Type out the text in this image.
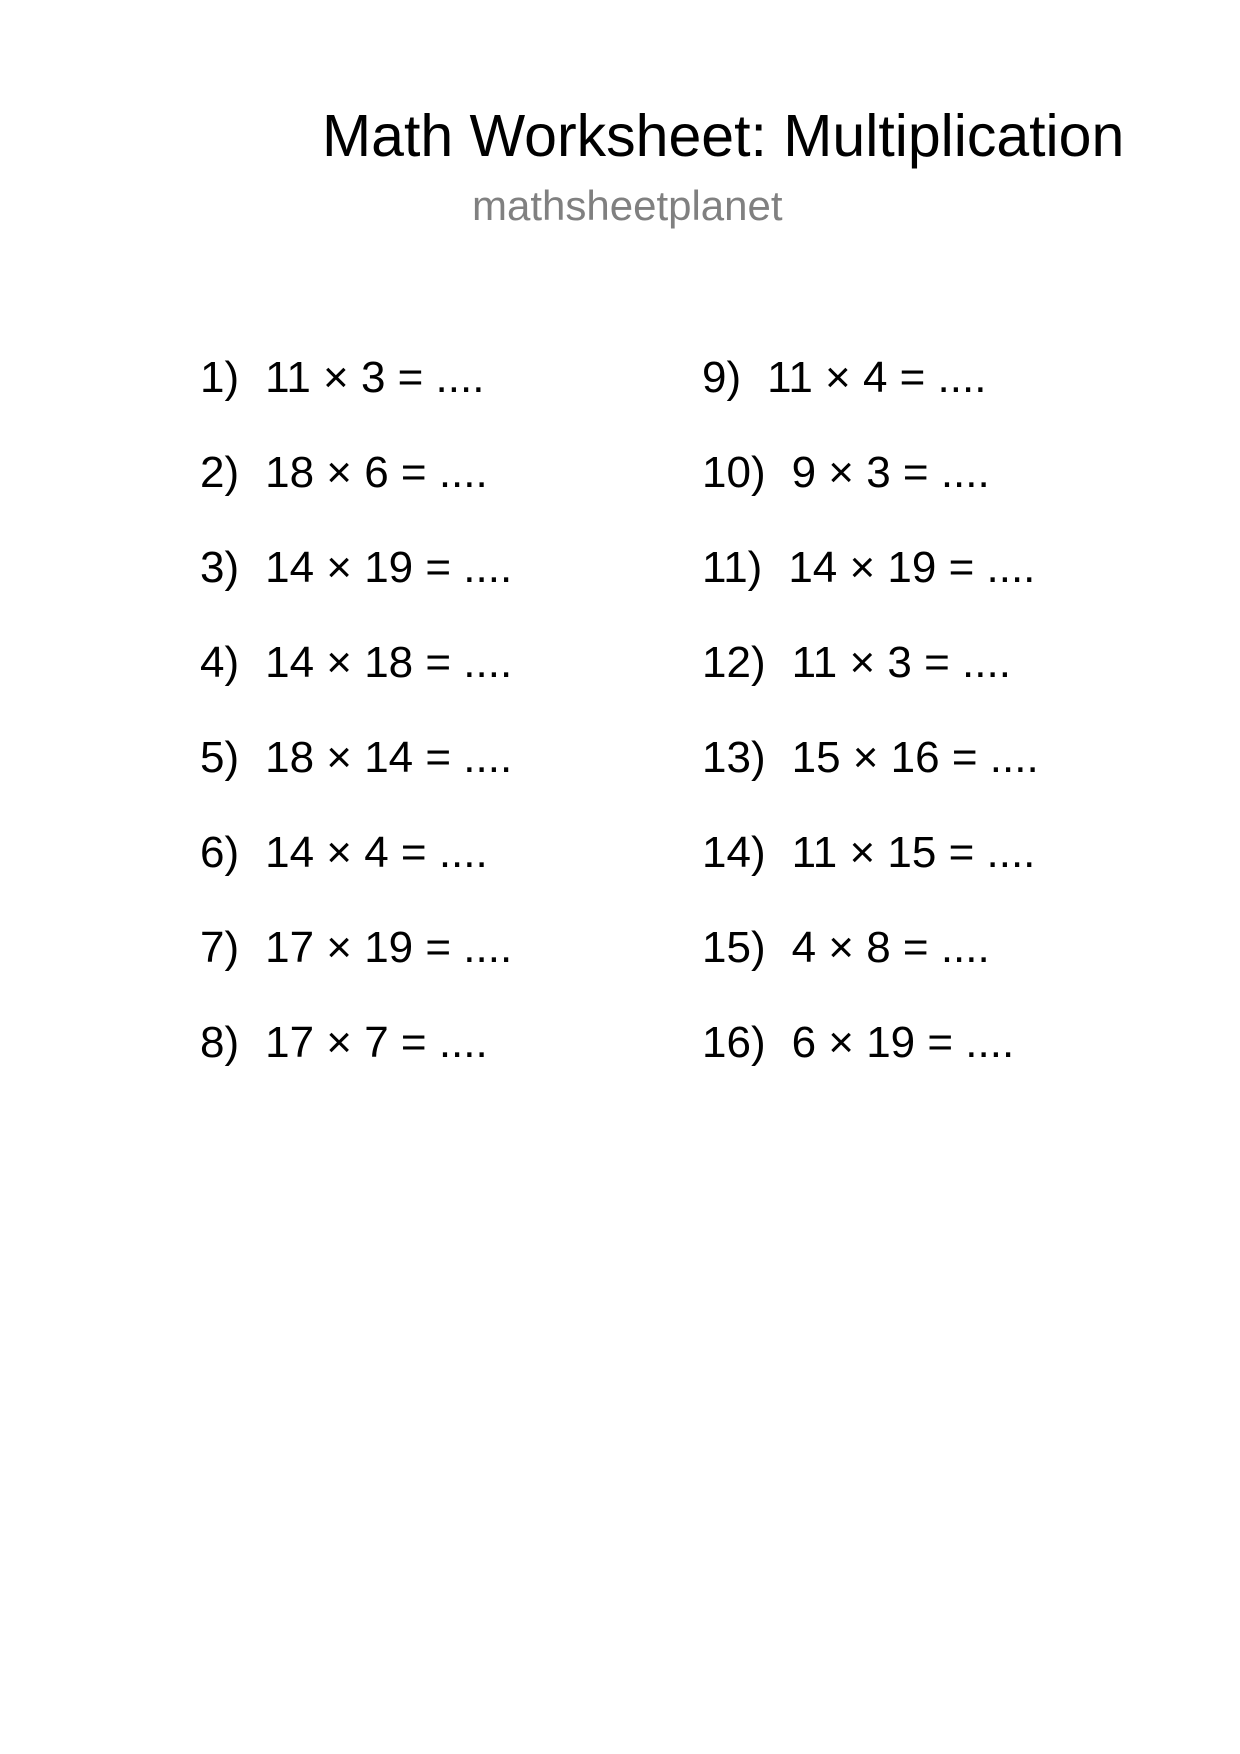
Math Worksheet: Multiplication
mathsheetplanet
1) 11 × 3 = ....
2) 18 × 6 = ....
3) 14 × 19 = ....
4) 14 × 18 = ....
5) 18 × 14 = ....
6) 14 × 4 = ....
7) 17 × 19 = ....
8) 17 × 7 = ....
9) 11 × 4 = ....
10) 9 × 3 = ....
11) 14 × 19 = ....
12) 11 × 3 = ....
13) 15 × 16 = ....
14) 11 × 15 = ....
15) 4 × 8 = ....
16) 6 × 19 = ....
